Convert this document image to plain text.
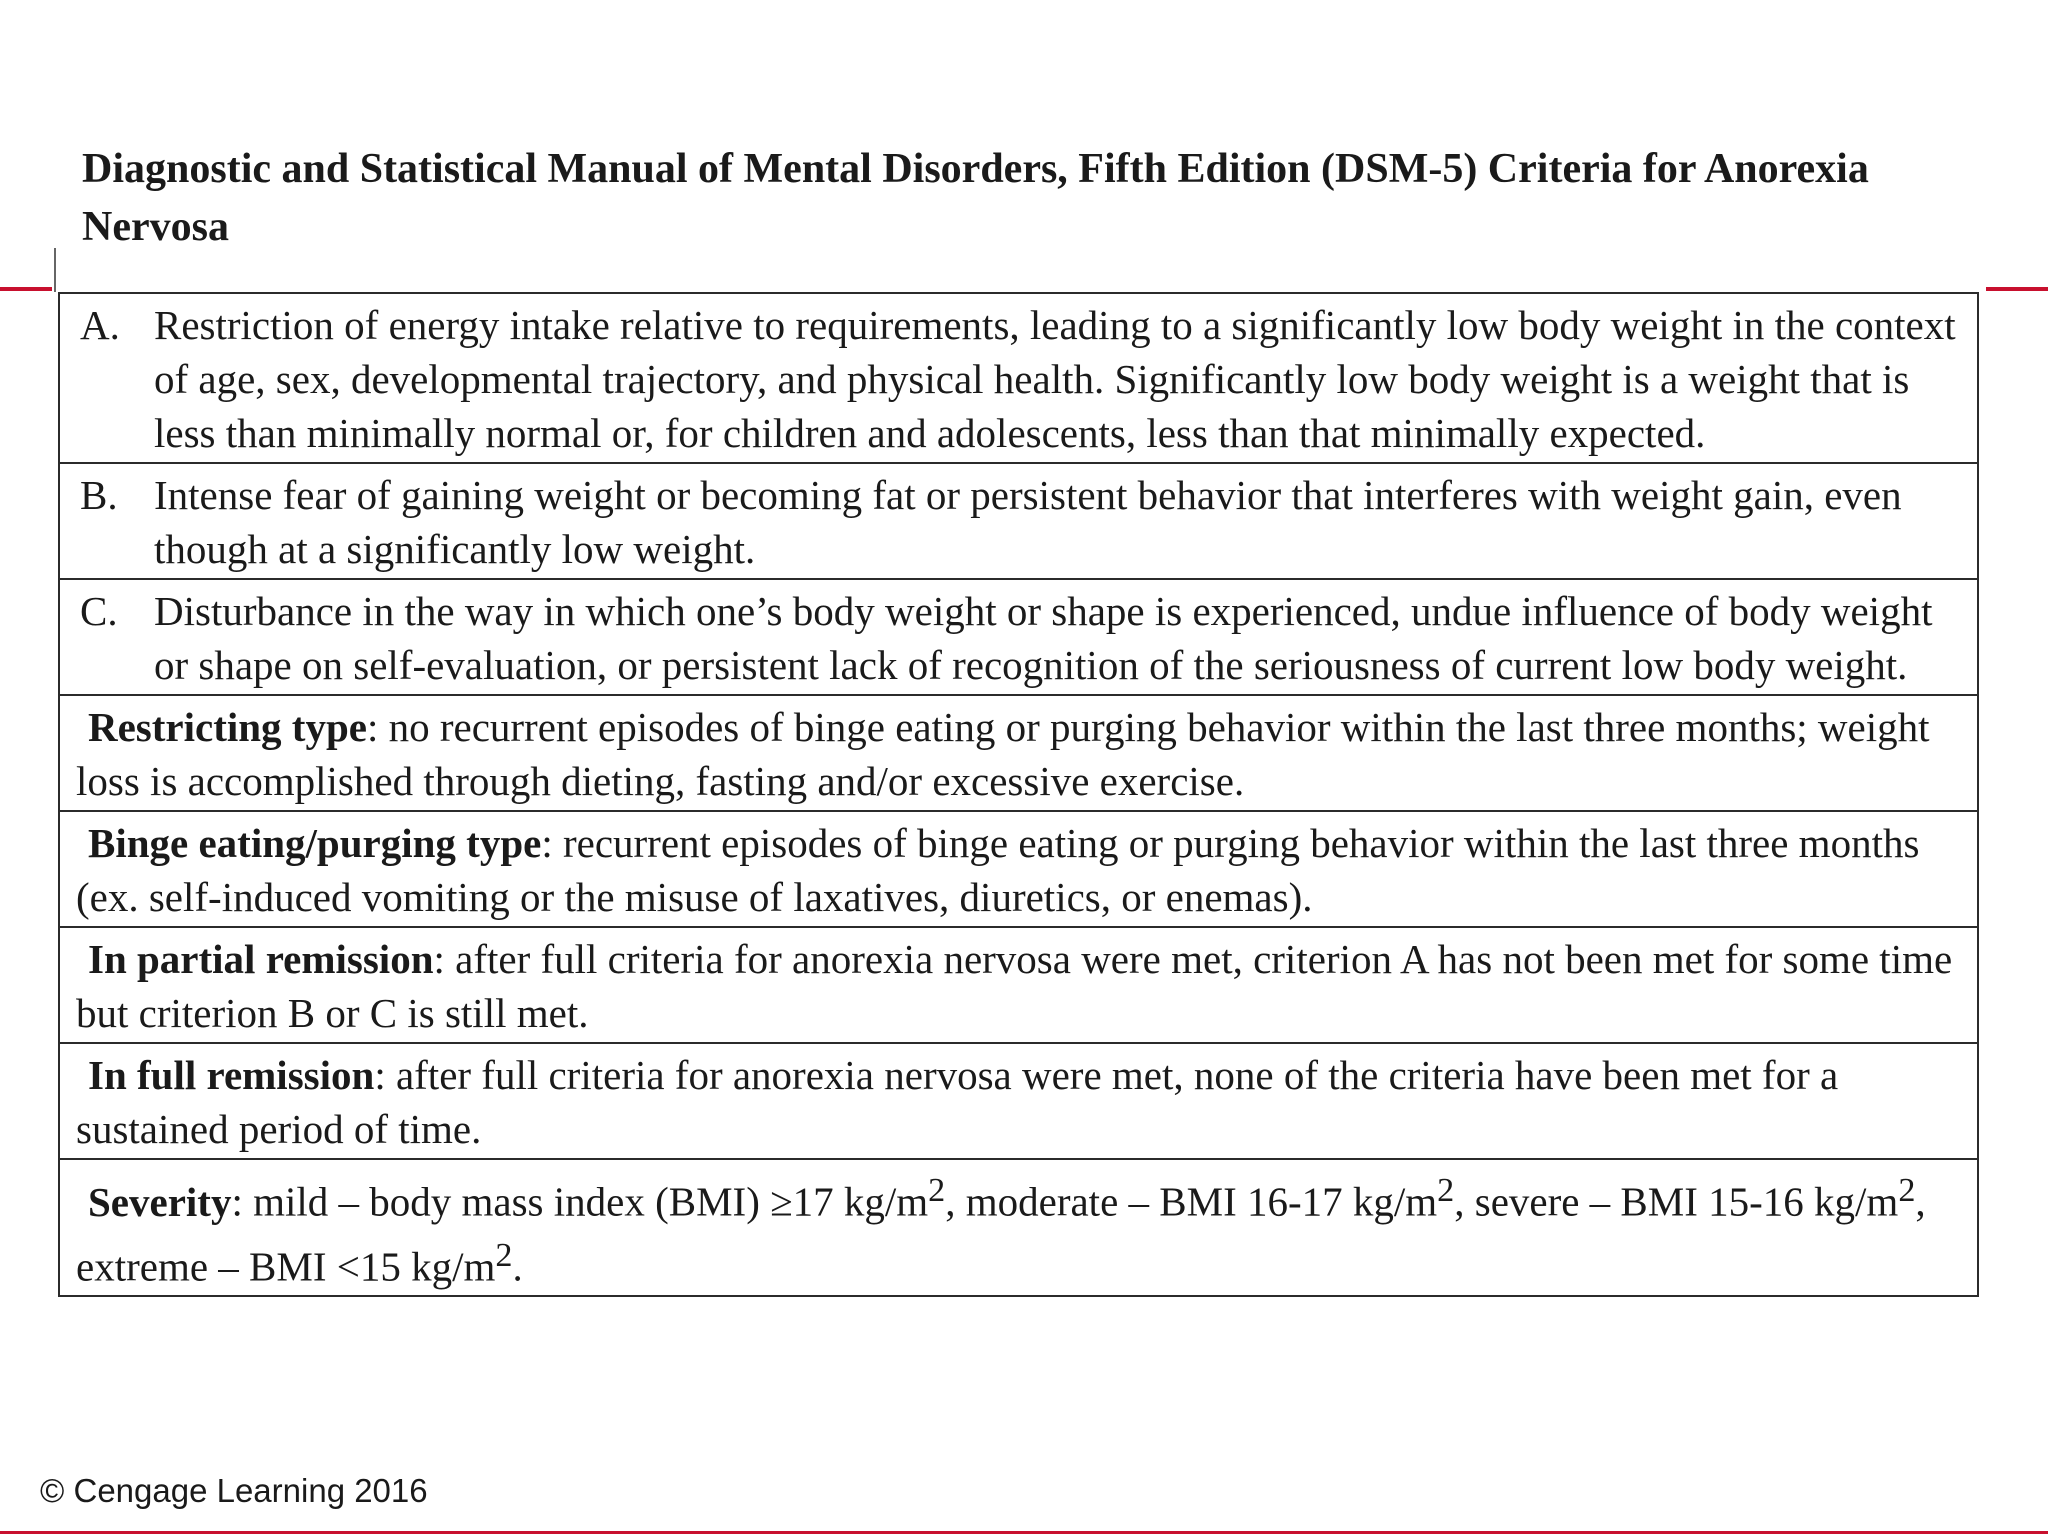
Diagnostic and Statistical Manual of Mental Disorders, Fifth Edition (DSM-5) Criteria for Anorexia Nervosa
A. Restriction of energy intake relative to requirements, leading to a significantly low body weight in the context of age, sex, developmental trajectory, and physical health. Significantly low body weight is a weight that is less than minimally normal or, for children and adolescents, less than that minimally expected.

B. Intense fear of gaining weight or becoming fat or persistent behavior that interferes with weight gain, even though at a significantly low weight.

C. Disturbance in the way in which one’s body weight or shape is experienced, undue influence of body weight or shape on self-evaluation, or persistent lack of recognition of the seriousness of current low body weight.

Restricting type: no recurrent episodes of binge eating or purging behavior within the last three months; weight loss is accomplished through dieting, fasting and/or excessive exercise.

Binge eating/purging type: recurrent episodes of binge eating or purging behavior within the last three months (ex. self-induced vomiting or the misuse of laxatives, diuretics, or enemas).

In partial remission: after full criteria for anorexia nervosa were met, criterion A has not been met for some time but criterion B or C is still met.

In full remission: after full criteria for anorexia nervosa were met, none of the criteria have been met for a sustained period of time.

Severity: mild – body mass index (BMI) ≥17 $kg/m^2$, moderate – BMI 16-17 $kg/m^2$, severe – BMI 15-16 $kg/m^2$, extreme – BMI <15 $kg/m^2$.
© Cengage Learning 2016
